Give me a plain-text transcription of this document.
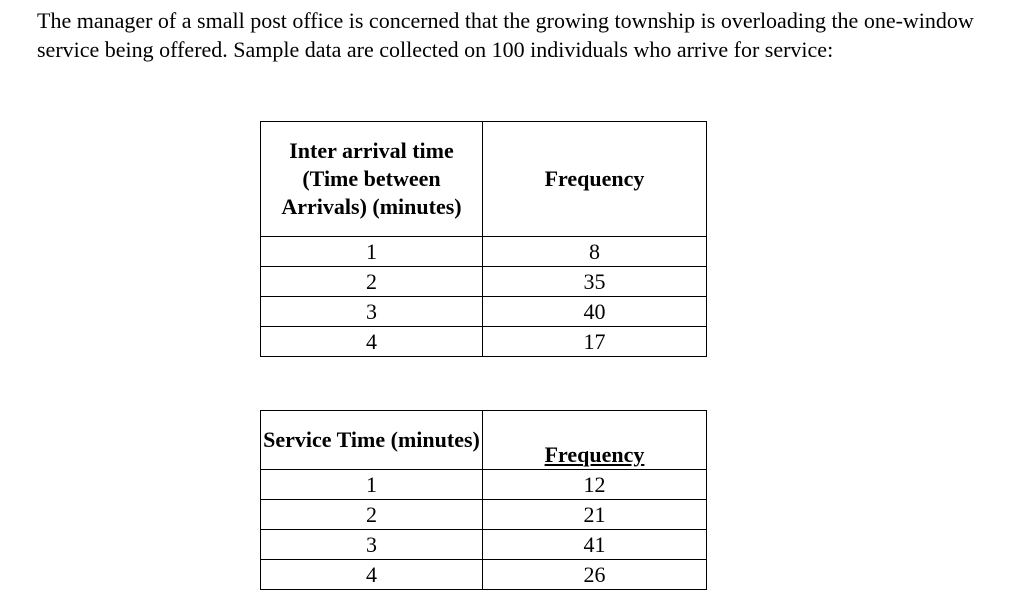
The manager of a small post office is concerned that the growing township is overloading the one-window service being offered. Sample data are collected on 100 individuals who arrive for service:

Inter arrival time (Time between Arrivals) (minutes)	Frequency
1	8
2	35
3	40
4	17
Service Time (minutes)	Frequency
1	12
2	21
3	41
4	26
